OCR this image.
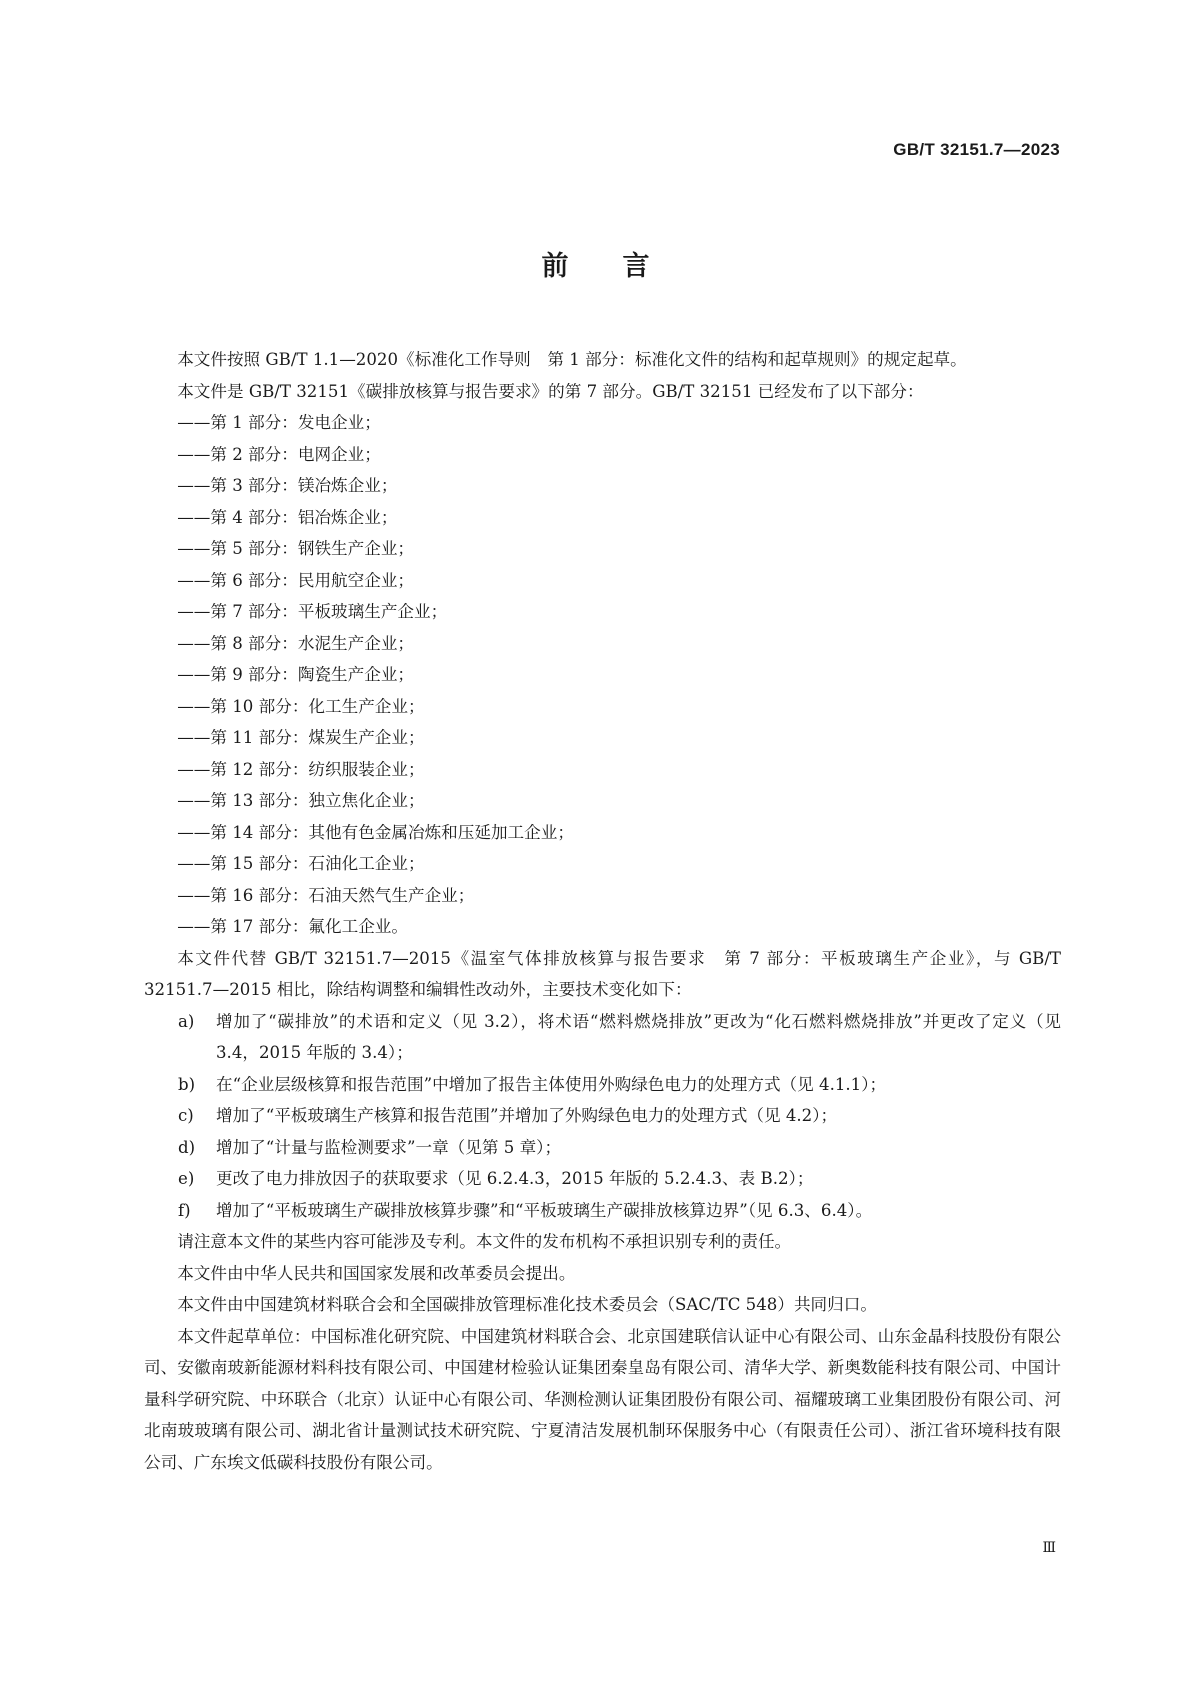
GB/T 32151.7—2023
前言

本文件按照 GB/T 1.1—2020《标准化工作导则　第 1 部分：标准化文件的结构和起草规则》的规定起草。

本文件是 GB/T 32151《碳排放核算与报告要求》的第 7 部分。GB/T 32151 已经发布了以下部分：

——第 1 部分：发电企业；
——第 2 部分：电网企业；
——第 3 部分：镁冶炼企业；
——第 4 部分：铝冶炼企业；
——第 5 部分：钢铁生产企业；
——第 6 部分：民用航空企业；
——第 7 部分：平板玻璃生产企业；
——第 8 部分：水泥生产企业；
——第 9 部分：陶瓷生产企业；
——第 10 部分：化工生产企业；
——第 11 部分：煤炭生产企业；
——第 12 部分：纺织服装企业；
——第 13 部分：独立焦化企业；
——第 14 部分：其他有色金属冶炼和压延加工企业；
——第 15 部分：石油化工企业；
——第 16 部分：石油天然气生产企业；
——第 17 部分：氟化工企业。

本文件代替 GB/T 32151.7—2015《温室气体排放核算与报告要求　第 7 部分：平板玻璃生产企业》，与 GB/T 32151.7—2015 相比，除结构调整和编辑性改动外，主要技术变化如下：

a) 增加了“碳排放”的术语和定义（见 3.2），将术语“燃料燃烧排放”更改为“化石燃料燃烧排放”并更改了定义（见 3.4，2015 年版的 3.4）；
b) 在“企业层级核算和报告范围”中增加了报告主体使用外购绿色电力的处理方式（见 4.1.1）；
c) 增加了“平板玻璃生产核算和报告范围”并增加了外购绿色电力的处理方式（见 4.2）；
d) 增加了“计量与监检测要求”一章（见第 5 章）；
e) 更改了电力排放因子的获取要求（见 6.2.4.3，2015 年版的 5.2.4.3、表 B.2）；
f) 增加了“平板玻璃生产碳排放核算步骤”和“平板玻璃生产碳排放核算边界”（见 6.3、6.4）。

请注意本文件的某些内容可能涉及专利。本文件的发布机构不承担识别专利的责任。

本文件由中华人民共和国国家发展和改革委员会提出。

本文件由中国建筑材料联合会和全国碳排放管理标准化技术委员会（SAC/TC 548）共同归口。

本文件起草单位：中国标准化研究院、中国建筑材料联合会、北京国建联信认证中心有限公司、山东金晶科技股份有限公司、安徽南玻新能源材料科技有限公司、中国建材检验认证集团秦皇岛有限公司、清华大学、新奥数能科技有限公司、中国计量科学研究院、中环联合（北京）认证中心有限公司、华测检测认证集团股份有限公司、福耀玻璃工业集团股份有限公司、河北南玻玻璃有限公司、湖北省计量测试技术研究院、宁夏清洁发展机制环保服务中心（有限责任公司）、浙江省环境科技有限公司、广东埃文低碳科技股份有限公司。

Ⅲ
